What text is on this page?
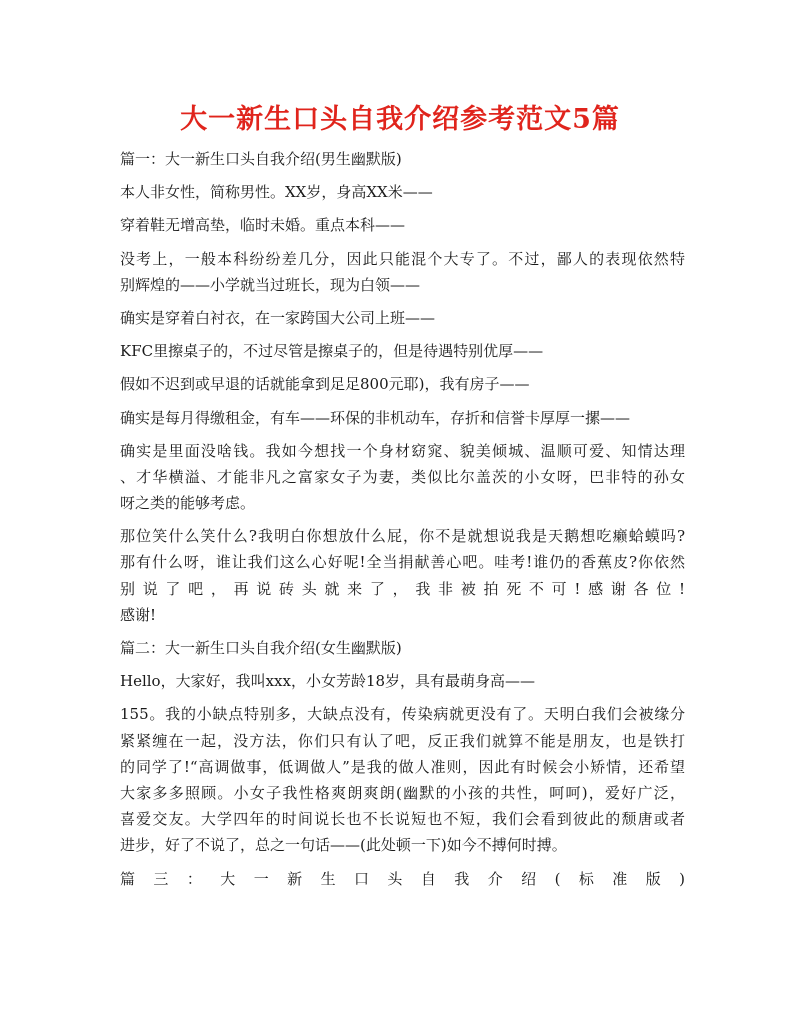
大一新生口头自我介绍参考范文5篇
篇一：大一新生口头自我介绍(男生幽默版)
本人非女性，简称男性。XX岁，身高XX米——
穿着鞋无增高垫，临时未婚。重点本科——
没考上，一般本科纷纷差几分，因此只能混个大专了。不过，鄙人的表现依然特
别辉煌的——小学就当过班长，现为白领——
确实是穿着白衬衣，在一家跨国大公司上班——
KFC里擦桌子的，不过尽管是擦桌子的，但是待遇特别优厚——
假如不迟到或早退的话就能拿到足足800元耶)，我有房子——
确实是每月得缴租金，有车——环保的非机动车，存折和信誉卡厚厚一摞——
确实是里面没啥钱。我如今想找一个身材窈窕、貌美倾城、温顺可爱、知情达理
、才华横溢、才能非凡之富家女子为妻，类似比尔盖茨的小女呀，巴非特的孙女
呀之类的能够考虑。
那位笑什么笑什么?我明白你想放什么屁，你不是就想说我是天鹅想吃癞蛤蟆吗?
那有什么呀，谁让我们这么心好呢!全当捐献善心吧。哇考!谁仍的香蕉皮?你依然
别说了吧，再说砖头就来了，我非被拍死不可!感谢各位!
感谢!
篇二：大一新生口头自我介绍(女生幽默版)
Hello，大家好，我叫xxx，小女芳龄18岁，具有最萌身高——
155。我的小缺点特别多，大缺点没有，传染病就更没有了。天明白我们会被缘分
紧紧缠在一起，没方法，你们只有认了吧，反正我们就算不能是朋友，也是铁打
的同学了!“高调做事，低调做人”是我的做人准则，因此有时候会小矫情，还希望
大家多多照顾。小女子我性格爽朗爽朗(幽默的小孩的共性，呵呵)，爱好广泛，
喜爱交友。大学四年的时间说长也不长说短也不短，我们会看到彼此的颓唐或者
进步，好了不说了，总之一句话——(此处顿一下)如今不搏何时搏。
篇三：大一新生口头自我介绍(标准版)
